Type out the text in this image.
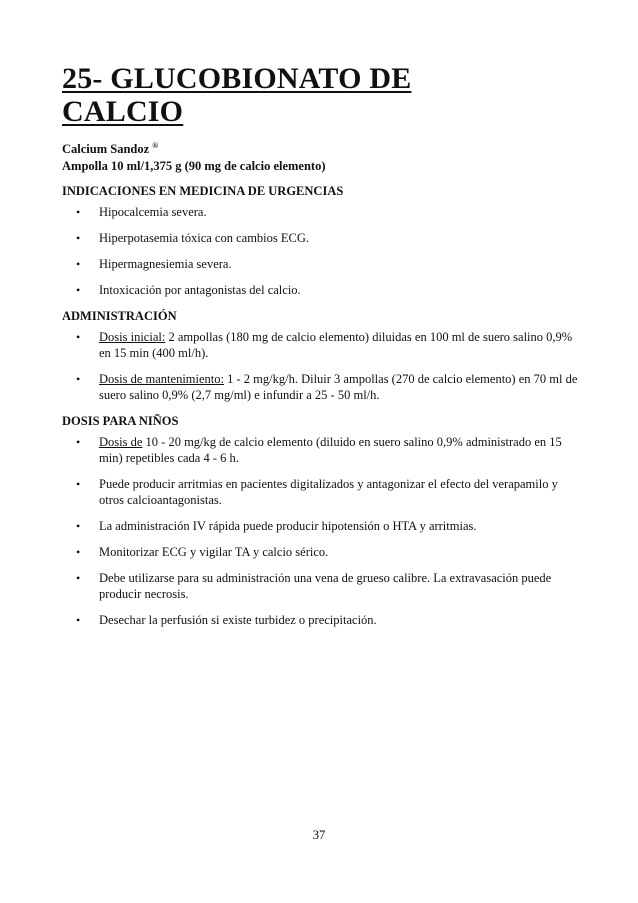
25- GLUCOBIONATO DE
CALCIO
Calcium Sandoz ®
Ampolla 10 ml/1,375 g (90 mg de calcio elemento)
INDICACIONES EN MEDICINA DE URGENCIAS
• Hipocalcemia severa.
• Hiperpotasemia tóxica con cambios ECG.
• Hipermagnesiemia severa.
• Intoxicación por antagonistas del calcio.
ADMINISTRACIÓN
• Dosis inicial: 2 ampollas (180 mg de calcio elemento) diluidas en 100 ml de suero salino 0,9% en 15 min (400 ml/h).
• Dosis de mantenimiento: 1 - 2 mg/kg/h. Diluir 3 ampollas (270 de calcio elemento) en 70 ml de suero salino 0,9% (2,7 mg/ml) e infundir a 25 - 50 ml/h.
DOSIS PARA NIÑOS
• Dosis de 10 - 20 mg/kg de calcio elemento (diluido en suero salino 0,9% administrado en 15 min) repetibles cada 4 - 6 h.
• Puede producir arritmias en pacientes digitalizados y antagonizar el efecto del verapamilo y otros calcioantagonistas.
• La administración IV rápida puede producir hipotensión o HTA y arritmias.
• Monitorizar ECG y vigilar TA y calcio sérico.
• Debe utilizarse para su administración una vena de grueso calibre. La extravasación puede producir necrosis.
• Desechar la perfusión si existe turbidez o precipitación.
37
